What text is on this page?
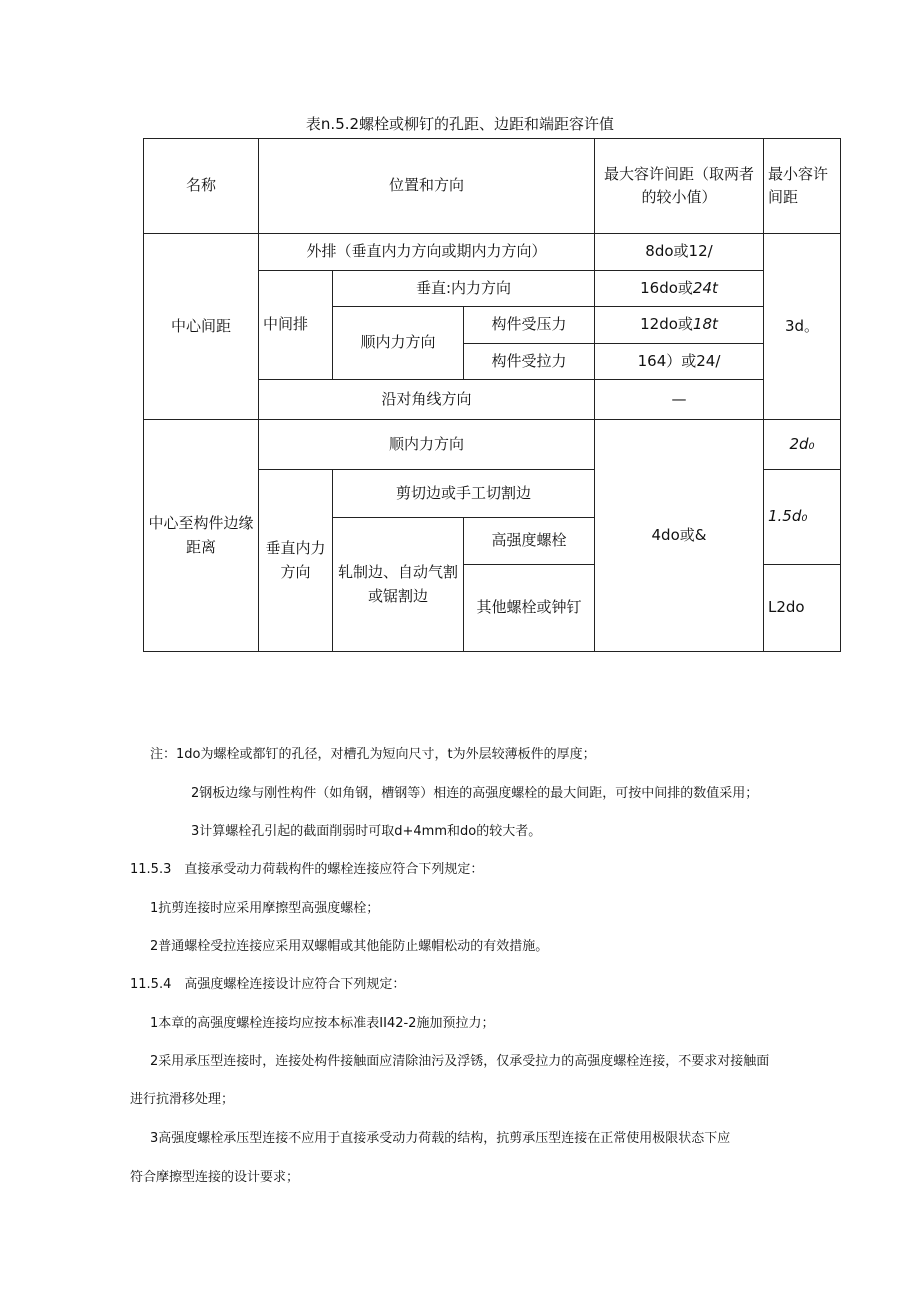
表n.5.2螺栓或柳钉的孔距、边距和端距容许值
名称	位置和方向			最大容许间距（取两者的较小值）	最小容许间距
中心间距	外排（垂直内力方向或期内力方向）			8do或12/	3d。
	中间排	垂直:内力方向		16do或24t	
		顺内力方向	构件受压力	12do或18t	
			构件受拉力	164）或24/	
	沿对角线方向			—	
中心至构件边缘距离	顺内力方向			4do或&	2d₀
	垂直内力方向	剪切边或手工切割边			1.5d₀
		轧制边、自动气割或锯割边	高强度螺栓		
			其他螺栓或钟钉		L2do
注：1do为螺栓或都钉的孔径，对槽孔为短向尺寸，t为外层较薄板件的厚度；
2钢板边缘与刚性构件（如角钢，槽钢等）相连的高强度螺栓的最大间距，可按中间排的数值采用；
3计算螺栓孔引起的截面削弱时可取d+4mm和do的较大者。
11.5.3　直接承受动力荷载构件的螺栓连接应符合下列规定：
1抗剪连接时应采用摩擦型高强度螺栓；
2普通螺栓受拉连接应采用双螺帽或其他能防止螺帽松动的有效措施。
11.5.4　高强度螺栓连接设计应符合下列规定：
1本章的高强度螺栓连接均应按本标准表II42-2施加预拉力；
2采用承压型连接时，连接处构件接触面应清除油污及浮锈，仅承受拉力的高强度螺栓连接，不要求对接触面
进行抗滑移处理；
3高强度螺栓承压型连接不应用于直接承受动力荷载的结构，抗剪承压型连接在正常使用极限状态下应
符合摩擦型连接的设计要求；
